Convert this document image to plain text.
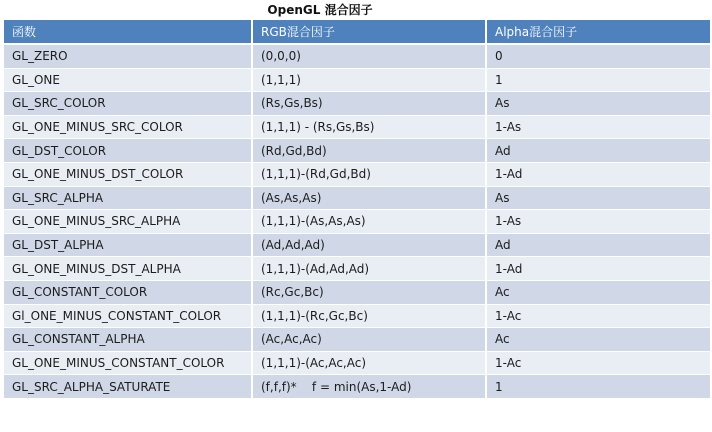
OpenGL 混合因子
函数	RGB混合因子	Alpha混合因子
GL_ZERO	(0,0,0)	0
GL_ONE	(1,1,1)	1
GL_SRC_COLOR	(Rs,Gs,Bs)	As
GL_ONE_MINUS_SRC_COLOR	(1,1,1) - (Rs,Gs,Bs)	1-As
GL_DST_COLOR	(Rd,Gd,Bd)	Ad
GL_ONE_MINUS_DST_COLOR	(1,1,1)-(Rd,Gd,Bd)	1-Ad
GL_SRC_ALPHA	(As,As,As)	As
GL_ONE_MINUS_SRC_ALPHA	(1,1,1)-(As,As,As)	1-As
GL_DST_ALPHA	(Ad,Ad,Ad)	Ad
GL_ONE_MINUS_DST_ALPHA	(1,1,1)-(Ad,Ad,Ad)	1-Ad
GL_CONSTANT_COLOR	(Rc,Gc,Bc)	Ac
Gl_ONE_MINUS_CONSTANT_COLOR	(1,1,1)-(Rc,Gc,Bc)	1-Ac
GL_CONSTANT_ALPHA	(Ac,Ac,Ac)	Ac
GL_ONE_MINUS_CONSTANT_COLOR	(1,1,1)-(Ac,Ac,Ac)	1-Ac
GL_SRC_ALPHA_SATURATE	(f,f,f)*    f = min(As,1-Ad)	1
